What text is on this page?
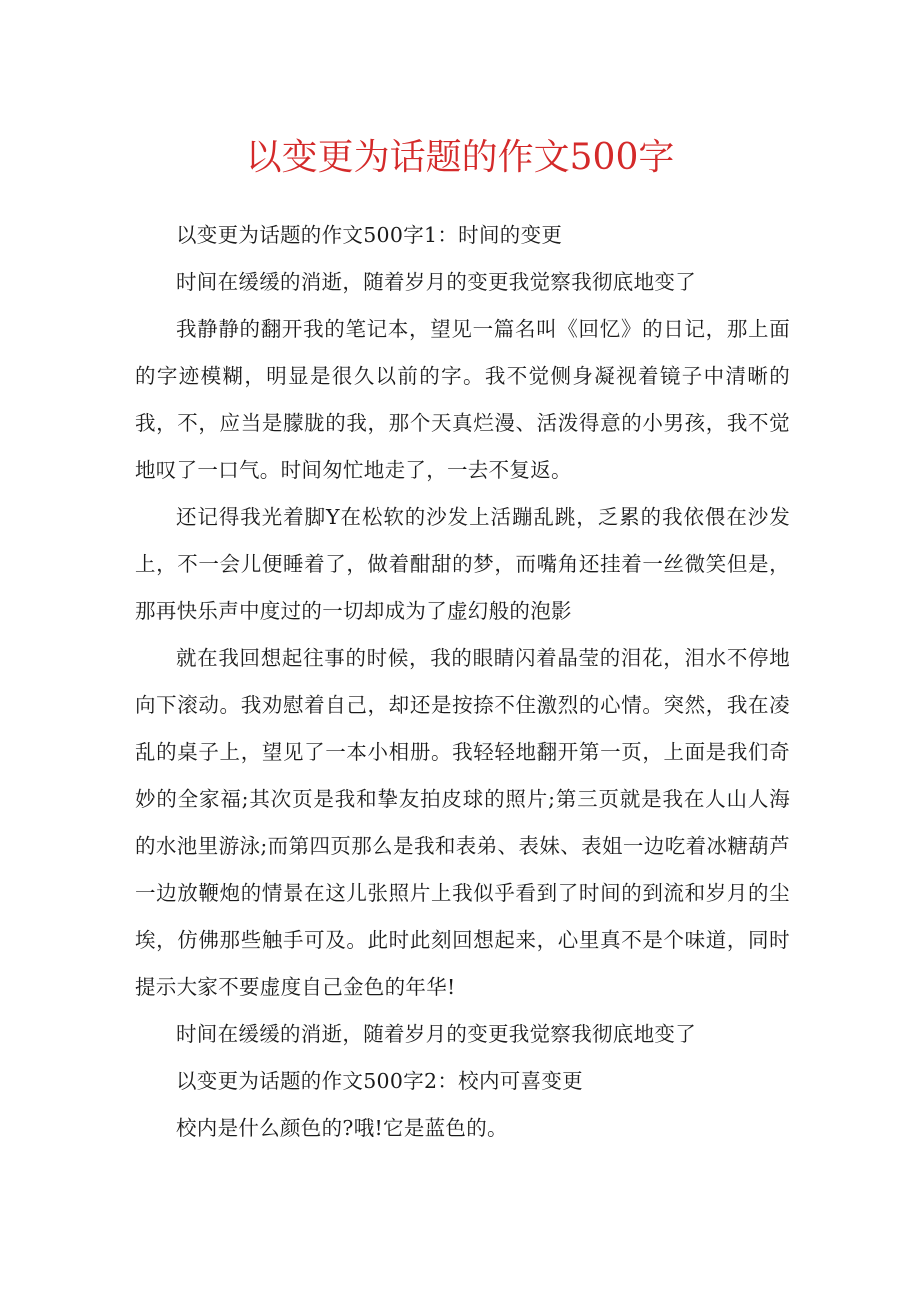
以变更为话题的作文500字

以变更为话题的作文500字1：时间的变更

时间在缓缓的消逝，随着岁月的变更我觉察我彻底地变了

我静静的翻开我的笔记本，望见一篇名叫《回忆》的日记，那上面的字迹模糊，明显是很久以前的字。我不觉侧身凝视着镜子中清晰的我，不，应当是朦胧的我，那个天真烂漫、活泼得意的小男孩，我不觉地叹了一口气。时间匆忙地走了，一去不复返。

还记得我光着脚Y在松软的沙发上活蹦乱跳，乏累的我依偎在沙发上，不一会儿便睡着了，做着酣甜的梦，而嘴角还挂着一丝微笑但是，那再快乐声中度过的一切却成为了虚幻般的泡影

就在我回想起往事的时候，我的眼睛闪着晶莹的泪花，泪水不停地向下滚动。我劝慰着自己，却还是按捺不住激烈的心情。突然，我在凌乱的桌子上，望见了一本小相册。我轻轻地翻开第一页，上面是我们奇妙的全家福;其次页是我和挚友拍皮球的照片;第三页就是我在人山人海的水池里游泳;而第四页那么是我和表弟、表妹、表姐一边吃着冰糖葫芦一边放鞭炮的情景在这儿张照片上我似乎看到了时间的到流和岁月的尘埃，仿佛那些触手可及。此时此刻回想起来，心里真不是个味道，同时提示大家不要虚度自己金色的年华!

时间在缓缓的消逝，随着岁月的变更我觉察我彻底地变了

以变更为话题的作文500字2：校内可喜变更

校内是什么颜色的?哦!它是蓝色的。
